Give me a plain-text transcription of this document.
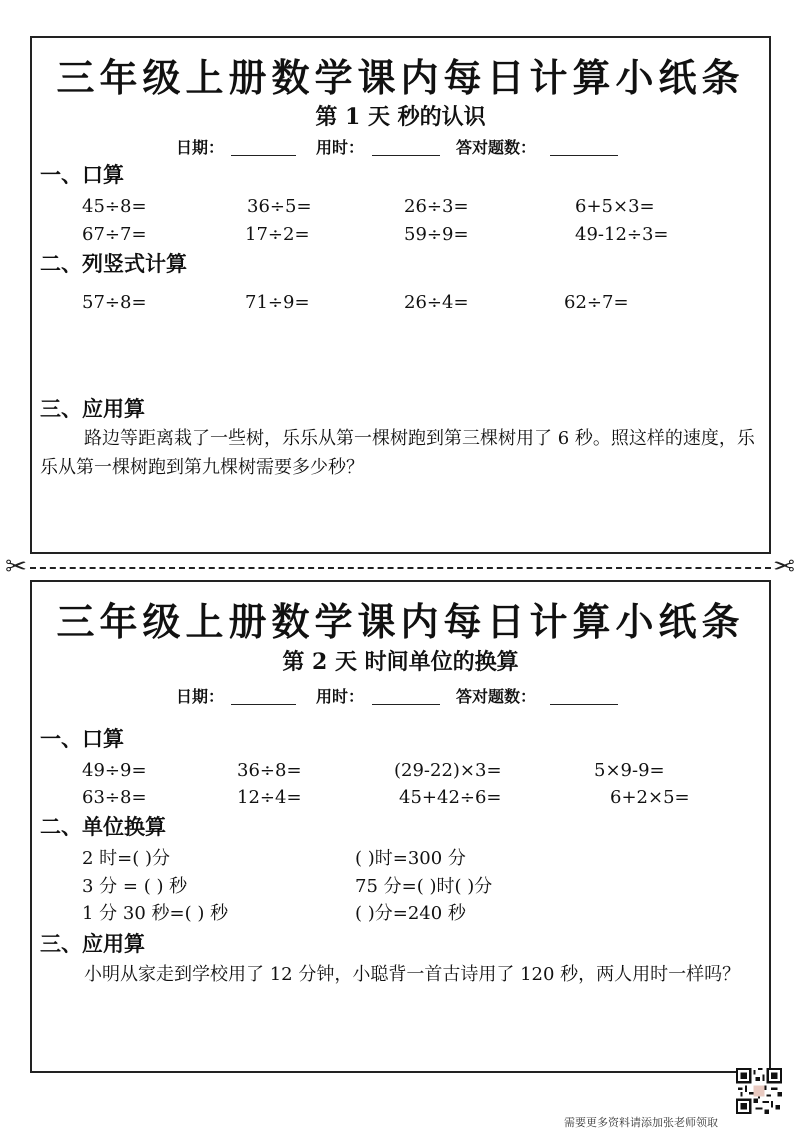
三年级上册数学课内每日计算小纸条
第 1 天 秒的认识
日期：	用时：	答对题数：
一、口算
45÷8=	36÷5=	26÷3=	6+5×3=
67÷7=	17÷2=	59÷9=	49-12÷3=
二、列竖式计算
57÷8=	71÷9=	26÷4=	62÷7=
三、应用算
路边等距离栽了一些树，乐乐从第一棵树跑到第三棵树用了 6 秒。照这样的速度，乐乐从第一棵树跑到第九棵树需要多少秒？
✂	✂
三年级上册数学课内每日计算小纸条
第 2 天 时间单位的换算
日期：	用时：	答对题数：
一、口算
49÷9=	36÷8=	(29-22)×3=	5×9-9=
63÷8=	12÷4=	45+42÷6=	6+2×5=
二、单位换算
2 时=( )分	( )时=300 分
3 分 = ( ) 秒	75 分=( )时( )分
1 分 30 秒=( ) 秒	( )分=240 秒
三、应用算
小明从家走到学校用了 12 分钟，小聪背一首古诗用了 120 秒，两人用时一样吗？
需要更多资料请添加张老师领取
